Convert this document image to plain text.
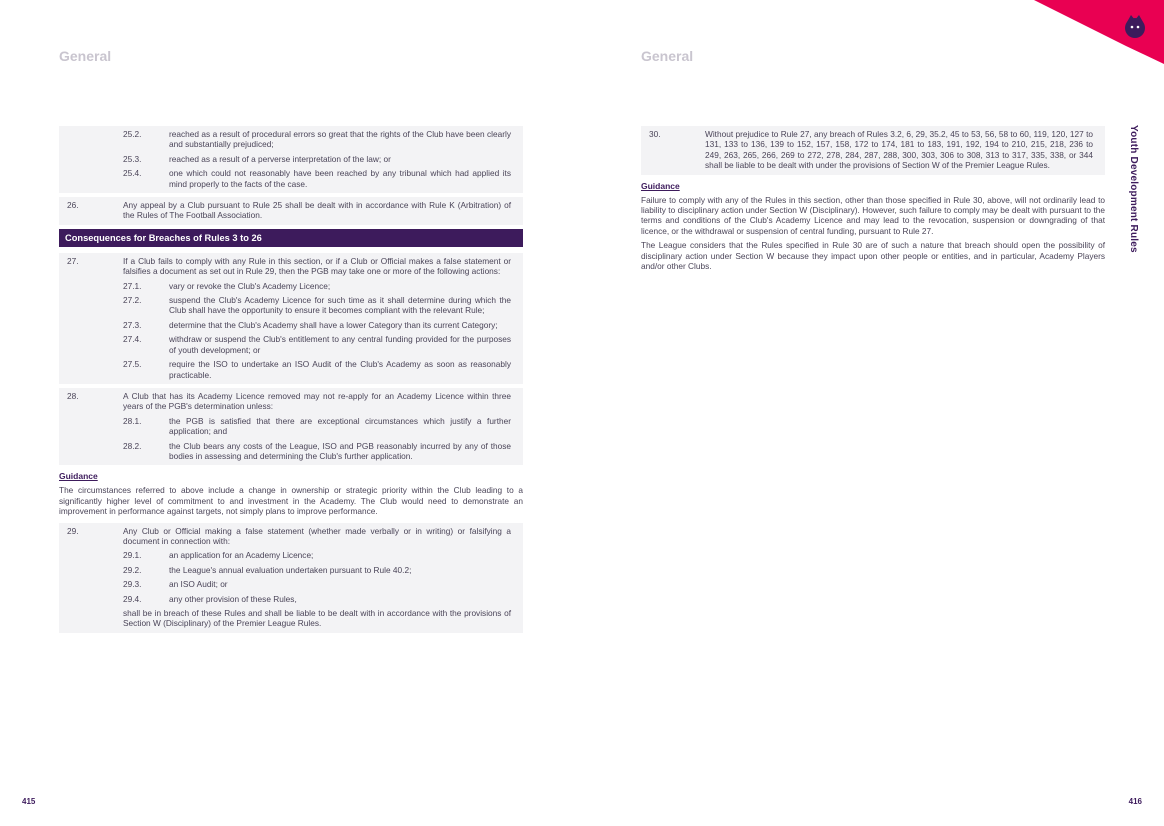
General	General
Youth Development Rules
415	416
25.2.	reached as a result of procedural errors so great that the rights of the Club have been clearly and substantially prejudiced;
25.3.	reached as a result of a perverse interpretation of the law; or
25.4.	one which could not reasonably have been reached by any tribunal which had applied its mind properly to the facts of the case.
26.	Any appeal by a Club pursuant to Rule 25 shall be dealt with in accordance with Rule K (Arbitration) of the Rules of The Football Association.
Consequences for Breaches of Rules 3 to 26
27.	If a Club fails to comply with any Rule in this section, or if a Club or Official makes a false statement or falsifies a document as set out in Rule 29, then the PGB may take one or more of the following actions:
27.1.	vary or revoke the Club's Academy Licence;
27.2.	suspend the Club's Academy Licence for such time as it shall determine during which the Club shall have the opportunity to ensure it becomes compliant with the relevant Rule;
27.3.	determine that the Club's Academy shall have a lower Category than its current Category;
27.4.	withdraw or suspend the Club's entitlement to any central funding provided for the purposes of youth development; or
27.5.	require the ISO to undertake an ISO Audit of the Club's Academy as soon as reasonably practicable.
28.	A Club that has its Academy Licence removed may not re-apply for an Academy Licence within three years of the PGB's determination unless:
28.1.	the PGB is satisfied that there are exceptional circumstances which justify a further application; and
28.2.	the Club bears any costs of the League, ISO and PGB reasonably incurred by any of those bodies in assessing and determining the Club's further application.
Guidance
The circumstances referred to above include a change in ownership or strategic priority within the Club leading to a significantly higher level of commitment to and investment in the Academy. The Club would need to demonstrate an improvement in performance against targets, not simply plans to improve performance.
29.	Any Club or Official making a false statement (whether made verbally or in writing) or falsifying a document in connection with:
29.1.	an application for an Academy Licence;
29.2.	the League's annual evaluation undertaken pursuant to Rule 40.2;
29.3.	an ISO Audit; or
29.4.	any other provision of these Rules,
shall be in breach of these Rules and shall be liable to be dealt with in accordance with the provisions of Section W (Disciplinary) of the Premier League Rules.
30.	Without prejudice to Rule 27, any breach of Rules 3.2, 6, 29, 35.2, 45 to 53, 56, 58 to 60, 119, 120, 127 to 131, 133 to 136, 139 to 152, 157, 158, 172 to 174, 181 to 183, 191, 192, 194 to 210, 215, 218, 236 to 249, 263, 265, 266, 269 to 272, 278, 284, 287, 288, 300, 303, 306 to 308, 313 to 317, 335, 338, or 344 shall be liable to be dealt with under the provisions of Section W of the Premier League Rules.
Guidance
Failure to comply with any of the Rules in this section, other than those specified in Rule 30, above, will not ordinarily lead to liability to disciplinary action under Section W (Disciplinary). However, such failure to comply may be dealt with pursuant to the terms and conditions of the Club's Academy Licence and may lead to the revocation, suspension or downgrading of that licence, or the withdrawal or suspension of central funding, pursuant to Rule 27.
The League considers that the Rules specified in Rule 30 are of such a nature that breach should open the possibility of disciplinary action under Section W because they impact upon other people or entities, and in particular, Academy Players and/or other Clubs.
